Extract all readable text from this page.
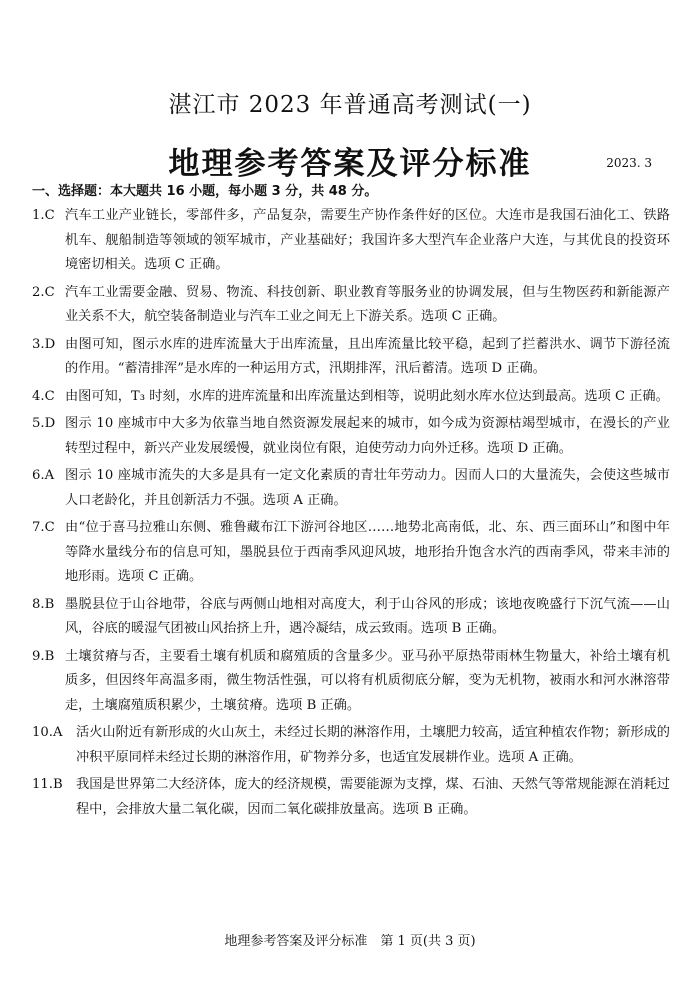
湛江市 2023 年普通高考测试(一)
地理参考答案及评分标准	2023. 3
一、选择题：本大题共 16 小题，每小题 3 分，共 48 分。
1.C 汽车工业产业链长，零部件多，产品复杂，需要生产协作条件好的区位。大连市是我国石油化工、铁路机车、舰船制造等领域的领军城市，产业基础好；我国许多大型汽车企业落户大连，与其优良的投资环境密切相关。选项 C 正确。
2.C 汽车工业需要金融、贸易、物流、科技创新、职业教育等服务业的协调发展，但与生物医药和新能源产业关系不大，航空装备制造业与汽车工业之间无上下游关系。选项 C 正确。
3.D 由图可知，图示水库的进库流量大于出库流量，且出库流量比较平稳，起到了拦蓄洪水、调节下游径流的作用。“蓄清排浑”是水库的一种运用方式，汛期排浑，汛后蓄清。选项 D 正确。
4.C 由图可知，T₃ 时刻，水库的进库流量和出库流量达到相等，说明此刻水库水位达到最高。选项 C 正确。
5.D 图示 10 座城市中大多为依靠当地自然资源发展起来的城市，如今成为资源枯竭型城市，在漫长的产业转型过程中，新兴产业发展缓慢，就业岗位有限，迫使劳动力向外迁移。选项 D 正确。
6.A 图示 10 座城市流失的大多是具有一定文化素质的青壮年劳动力。因而人口的大量流失，会使这些城市人口老龄化，并且创新活力不强。选项 A 正确。
7.C 由“位于喜马拉雅山东侧、雅鲁藏布江下游河谷地区……地势北高南低，北、东、西三面环山”和图中年等降水量线分布的信息可知，墨脱县位于西南季风迎风坡，地形抬升饱含水汽的西南季风，带来丰沛的地形雨。选项 C 正确。
8.B 墨脱县位于山谷地带，谷底与两侧山地相对高度大，利于山谷风的形成；该地夜晚盛行下沉气流——山风，谷底的暖湿气团被山风抬挤上升，遇冷凝结，成云致雨。选项 B 正确。
9.B 土壤贫瘠与否，主要看土壤有机质和腐殖质的含量多少。亚马孙平原热带雨林生物量大，补给土壤有机质多，但因终年高温多雨，微生物活性强，可以将有机质彻底分解，变为无机物，被雨水和河水淋溶带走，土壤腐殖质积累少，土壤贫瘠。选项 B 正确。
10.A 活火山附近有新形成的火山灰土，未经过长期的淋溶作用，土壤肥力较高，适宜种植农作物；新形成的冲积平原同样未经过长期的淋溶作用，矿物养分多，也适宜发展耕作业。选项 A 正确。
11.B 我国是世界第二大经济体，庞大的经济规模，需要能源为支撑，煤、石油、天然气等常规能源在消耗过程中，会排放大量二氧化碳，因而二氧化碳排放量高。选项 B 正确。
地理参考答案及评分标准　第 1 页(共 3 页)
